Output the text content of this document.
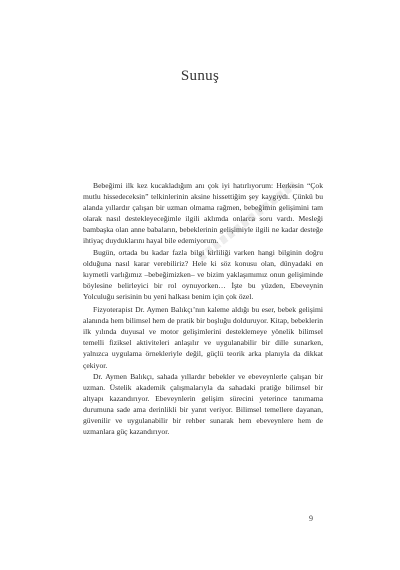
Sunuş

Bebeğimi ilk kez kucakladığım anı çok iyi hatırlıyorum: Herkesin “Çok mutlu hissedeceksin” telkinlerinin aksine hissettiğim şey kaygıydı. Çünkü bu alanda yıllardır çalışan bir uzman olmama rağmen, bebeğimin gelişimini tam olarak nasıl destekleyeceğimle ilgili aklımda onlarca soru vardı. Mesleği bambaşka olan anne babaların, bebeklerinin gelişimiyle ilgili ne kadar desteğe ihtiyaç duyduklarını hayal bile edemiyorum.

Bugün, ortada bu kadar fazla bilgi kirliliği varken hangi bilginin doğru olduğuna nasıl karar verebiliriz? Hele ki söz konusu olan, dünyadaki en kıymetli varlığımız –bebeğimizken– ve bizim yaklaşımımız onun gelişiminde böylesine belirleyici bir rol oynuyorken… İşte bu yüzden, Ebeveynin Yolculuğu serisinin bu yeni halkası benim için çok özel.

Fizyoterapist Dr. Aymen Balıkçı’nın kaleme aldığı bu eser, bebek gelişimi alanında hem bilimsel hem de pratik bir boşluğu dolduruyor. Kitap, bebeklerin ilk yılında duyusal ve motor gelişimlerini desteklemeye yönelik bilimsel temelli fiziksel aktiviteleri anlaşılır ve uygulanabilir bir dille sunarken, yalnızca uygulama örnekleriyle değil, güçlü teorik arka planıyla da dikkat çekiyor.

Dr. Aymen Balıkçı, sahada yıllardır bebekler ve ebeveynlerle çalışan bir uzman. Üstelik akademik çalışmalarıyla da sahadaki pratiğe bilimsel bir altyapı kazandırıyor. Ebeveynlerin gelişim sürecini yeterince tanımama durumuna sade ama derinlikli bir yanıt veriyor. Bilimsel temellere dayanan, güvenilir ve uygulanabilir bir rehber sunarak hem ebeveynlere hem de uzmanlara güç kazandırıyor.

9
